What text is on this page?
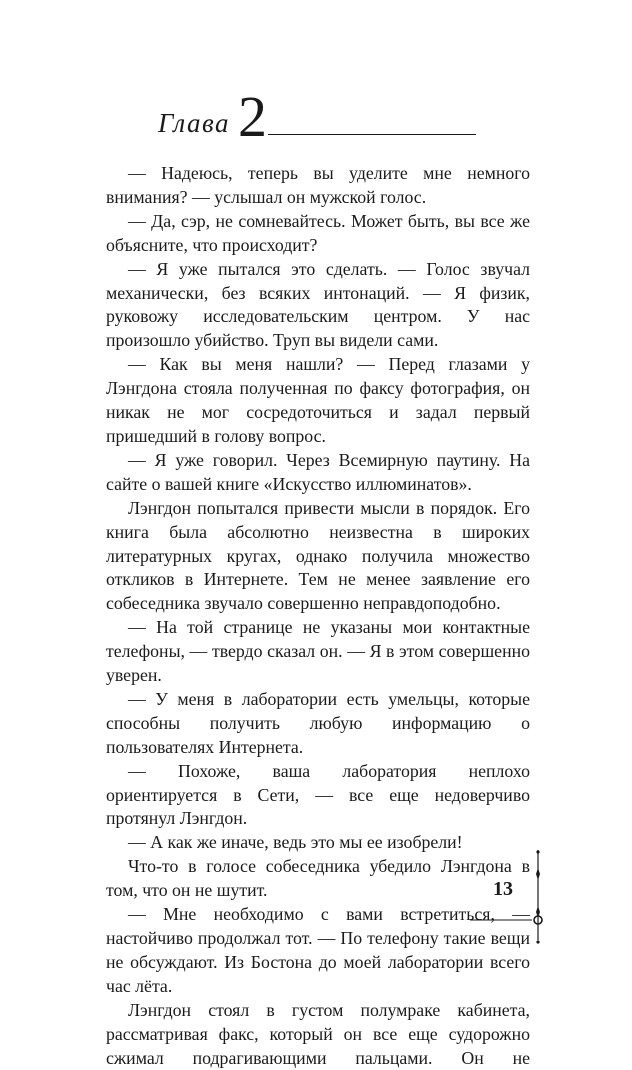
Глава 2

— Надеюсь, теперь вы уделите мне немного внимания? — услышал он мужской голос.

— Да, сэр, не сомневайтесь. Может быть, вы все же объясните, что происходит?

— Я уже пытался это сделать. — Голос звучал механически, без всяких интонаций. — Я физик, руковожу исследовательским центром. У нас произошло убийство. Труп вы видели сами.

— Как вы меня нашли? — Перед глазами у Лэнгдона стояла полученная по факсу фотография, он никак не мог сосредоточиться и задал первый пришедший в голову вопрос.

— Я уже говорил. Через Всемирную паутину. На сайте о вашей книге «Искусство иллюминатов».

Лэнгдон попытался привести мысли в порядок. Его книга была абсолютно неизвестна в широких литературных кругах, однако получила множество откликов в Интернете. Тем не менее заявление его собеседника звучало совершенно неправдоподобно.

— На той странице не указаны мои контактные телефоны, — твердо сказал он. — Я в этом совершенно уверен.

— У меня в лаборатории есть умельцы, которые способны получить любую информацию о пользователях Интернета.

— Похоже, ваша лаборатория неплохо ориентируется в Сети, — все еще недоверчиво протянул Лэнгдон.

— А как же иначе, ведь это мы ее изобрели!

Что-то в голосе собеседника убедило Лэнгдона в том, что он не шутит.

— Мне необходимо с вами встретиться, — настойчиво продолжал тот. — По телефону такие вещи не обсуждают. Из Бостона до моей лаборатории всего час лёта.

Лэнгдон стоял в густом полумраке кабинета, рассматривая факс, который он все еще судорожно сжимал подрагивающими пальцами. Он не

13
